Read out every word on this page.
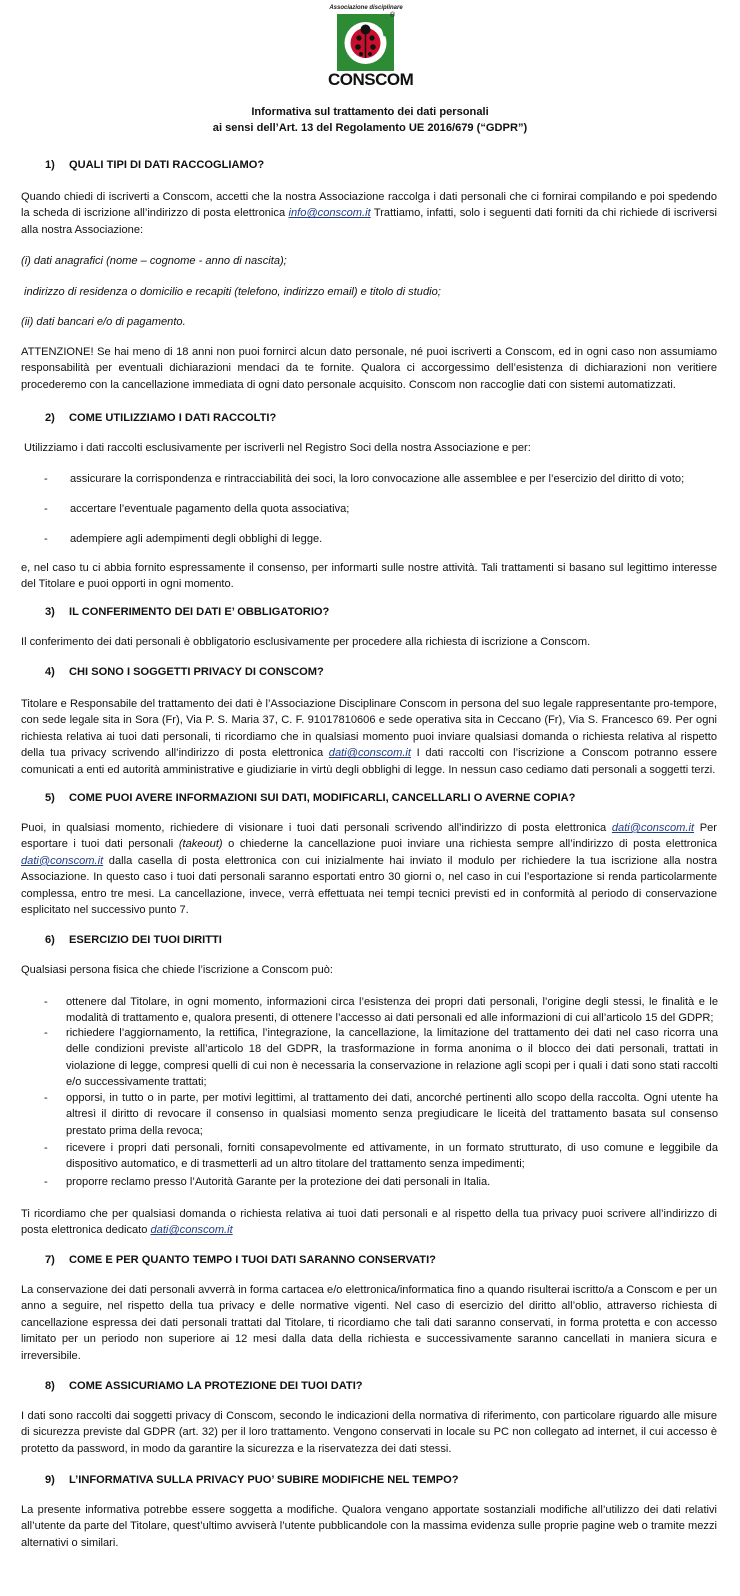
Associazione disciplinare
®
CONSCOM
Informativa sul trattamento dei dati personali
ai sensi dell’Art. 13 del Regolamento UE 2016/679 (“GDPR”)
1) QUALI TIPI DI DATI RACCOGLIAMO?
Quando chiedi di iscriverti a Conscom, accetti che la nostra Associazione raccolga i dati personali che ci fornirai compilando e poi spedendo la scheda di iscrizione all’indirizzo di posta elettronica info@conscom.it Trattiamo, infatti, solo i seguenti dati forniti da chi richiede di iscriversi alla nostra Associazione:
(i) dati anagrafici (nome – cognome - anno di nascita);
indirizzo di residenza o domicilio e recapiti (telefono, indirizzo email) e titolo di studio;
(ii) dati bancari e/o di pagamento.
ATTENZIONE! Se hai meno di 18 anni non puoi fornirci alcun dato personale, né puoi iscriverti a Conscom, ed in ogni caso non assumiamo responsabilità per eventuali dichiarazioni mendaci da te fornite. Qualora ci accorgessimo dell’esistenza di dichiarazioni non veritiere procederemo con la cancellazione immediata di ogni dato personale acquisito. Conscom non raccoglie dati con sistemi automatizzati.
2) COME UTILIZZIAMO I DATI RACCOLTI?
Utilizziamo i dati raccolti esclusivamente per iscriverli nel Registro Soci della nostra Associazione e per:
- assicurare la corrispondenza e rintracciabilità dei soci, la loro convocazione alle assemblee e per l’esercizio del diritto di voto;
- accertare l’eventuale pagamento della quota associativa;
- adempiere agli adempimenti degli obblighi di legge.
e, nel caso tu ci abbia fornito espressamente il consenso, per informarti sulle nostre attività. Tali trattamenti si basano sul legittimo interesse del Titolare e puoi opporti in ogni momento.
3) IL CONFERIMENTO DEI DATI E’ OBBLIGATORIO?
Il conferimento dei dati personali è obbligatorio esclusivamente per procedere alla richiesta di iscrizione a Conscom.
4) CHI SONO I SOGGETTI PRIVACY DI CONSCOM?
Titolare e Responsabile del trattamento dei dati è l’Associazione Disciplinare Conscom in persona del suo legale rappresentante pro-tempore, con sede legale sita in Sora (Fr), Via P. S. Maria 37, C. F. 91017810606 e sede operativa sita in Ceccano (Fr), Via S. Francesco 69. Per ogni richiesta relativa ai tuoi dati personali, ti ricordiamo che in qualsiasi momento puoi inviare qualsiasi domanda o richiesta relativa al rispetto della tua privacy scrivendo all’indirizzo di posta elettronica dati@conscom.it I dati raccolti con l’iscrizione a Conscom potranno essere comunicati a enti ed autorità amministrative e giudiziarie in virtù degli obblighi di legge. In nessun caso cediamo dati personali a soggetti terzi.
5) COME PUOI AVERE INFORMAZIONI SUI DATI, MODIFICARLI, CANCELLARLI O AVERNE COPIA?
Puoi, in qualsiasi momento, richiedere di visionare i tuoi dati personali scrivendo all’indirizzo di posta elettronica dati@conscom.it Per esportare i tuoi dati personali (takeout) o chiederne la cancellazione puoi inviare una richiesta sempre all’indirizzo di posta elettronica dati@conscom.it dalla casella di posta elettronica con cui inizialmente hai inviato il modulo per richiedere la tua iscrizione alla nostra Associazione. In questo caso i tuoi dati personali saranno esportati entro 30 giorni o, nel caso in cui l’esportazione si renda particolarmente complessa, entro tre mesi. La cancellazione, invece, verrà effettuata nei tempi tecnici previsti ed in conformità al periodo di conservazione esplicitato nel successivo punto 7.
6) ESERCIZIO DEI TUOI DIRITTI
Qualsiasi persona fisica che chiede l’iscrizione a Conscom può:
- ottenere dal Titolare, in ogni momento, informazioni circa l’esistenza dei propri dati personali, l’origine degli stessi, le finalità e le modalità di trattamento e, qualora presenti, di ottenere l’accesso ai dati personali ed alle informazioni di cui all’articolo 15 del GDPR;
- richiedere l’aggiornamento, la rettifica, l’integrazione, la cancellazione, la limitazione del trattamento dei dati nel caso ricorra una delle condizioni previste all’articolo 18 del GDPR, la trasformazione in forma anonima o il blocco dei dati personali, trattati in violazione di legge, compresi quelli di cui non è necessaria la conservazione in relazione agli scopi per i quali i dati sono stati raccolti e/o successivamente trattati;
- opporsi, in tutto o in parte, per motivi legittimi, al trattamento dei dati, ancorché pertinenti allo scopo della raccolta. Ogni utente ha altresì il diritto di revocare il consenso in qualsiasi momento senza pregiudicare le liceità del trattamento basata sul consenso prestato prima della revoca;
- ricevere i propri dati personali, forniti consapevolmente ed attivamente, in un formato strutturato, di uso comune e leggibile da dispositivo automatico, e di trasmetterli ad un altro titolare del trattamento senza impedimenti;
- proporre reclamo presso l’Autorità Garante per la protezione dei dati personali in Italia.
Ti ricordiamo che per qualsiasi domanda o richiesta relativa ai tuoi dati personali e al rispetto della tua privacy puoi scrivere all’indirizzo di posta elettronica dedicato dati@conscom.it
7) COME E PER QUANTO TEMPO I TUOI DATI SARANNO CONSERVATI?
La conservazione dei dati personali avverrà in forma cartacea e/o elettronica/informatica fino a quando risulterai iscritto/a a Conscom e per un anno a seguire, nel rispetto della tua privacy e delle normative vigenti. Nel caso di esercizio del diritto all’oblio, attraverso richiesta di cancellazione espressa dei dati personali trattati dal Titolare, ti ricordiamo che tali dati saranno conservati, in forma protetta e con accesso limitato per un periodo non superiore ai 12 mesi dalla data della richiesta e successivamente saranno cancellati in maniera sicura e irreversibile.
8) COME ASSICURIAMO LA PROTEZIONE DEI TUOI DATI?
I dati sono raccolti dai soggetti privacy di Conscom, secondo le indicazioni della normativa di riferimento, con particolare riguardo alle misure di sicurezza previste dal GDPR (art. 32) per il loro trattamento. Vengono conservati in locale su PC non collegato ad internet, il cui accesso è protetto da password, in modo da garantire la sicurezza e la riservatezza dei dati stessi.
9) L’INFORMATIVA SULLA PRIVACY PUO’ SUBIRE MODIFICHE NEL TEMPO?
La presente informativa potrebbe essere soggetta a modifiche. Qualora vengano apportate sostanziali modifiche all’utilizzo dei dati relativi all’utente da parte del Titolare, quest’ultimo avviserà l’utente pubblicandole con la massima evidenza sulle proprie pagine web o tramite mezzi alternativi o similari.
